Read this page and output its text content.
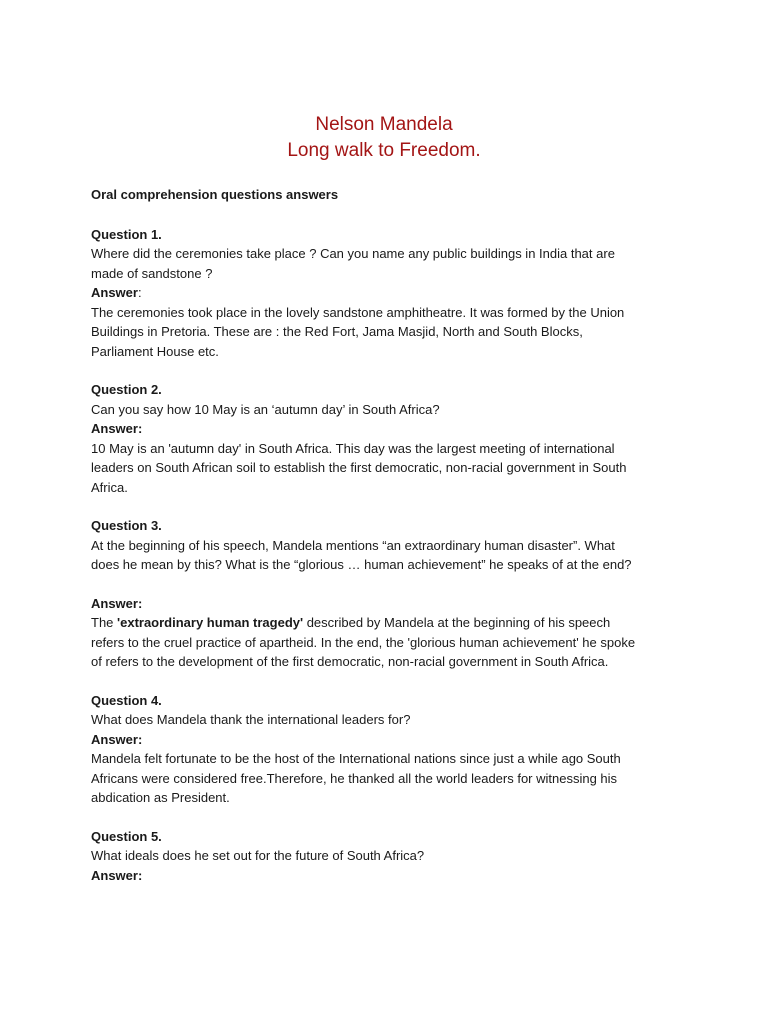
Nelson Mandela
Long walk to Freedom.
Oral comprehension questions answers
Question 1.
Where did the ceremonies take place ? Can you name any public buildings in India that are
made of sandstone ?
Answer:
The ceremonies took place in the lovely sandstone amphitheatre. It was formed by the Union
Buildings in Pretoria. These are : the Red Fort, Jama Masjid, North and South Blocks,
Parliament House etc.
Question 2.
Can you say how 10 May is an ‘autumn day’ in South Africa?
Answer:
10 May is an 'autumn day' in South Africa. This day was the largest meeting of international
leaders on South African soil to establish the first democratic, non-racial government in South
Africa.
Question 3.
At the beginning of his speech, Mandela mentions “an extraordinary human disaster”. What
does he mean by this? What is the “glorious … human achievement” he speaks of at the end?
Answer:
The 'extraordinary human tragedy' described by Mandela at the beginning of his speech
refers to the cruel practice of apartheid. In the end, the 'glorious human achievement' he spoke
of refers to the development of the first democratic, non-racial government in South Africa.
Question 4.
What does Mandela thank the international leaders for?
Answer:
Mandela felt fortunate to be the host of the International nations since just a while ago South
Africans were considered free.Therefore, he thanked all the world leaders for witnessing his
abdication as President.
Question 5.
What ideals does he set out for the future of South Africa?
Answer:
